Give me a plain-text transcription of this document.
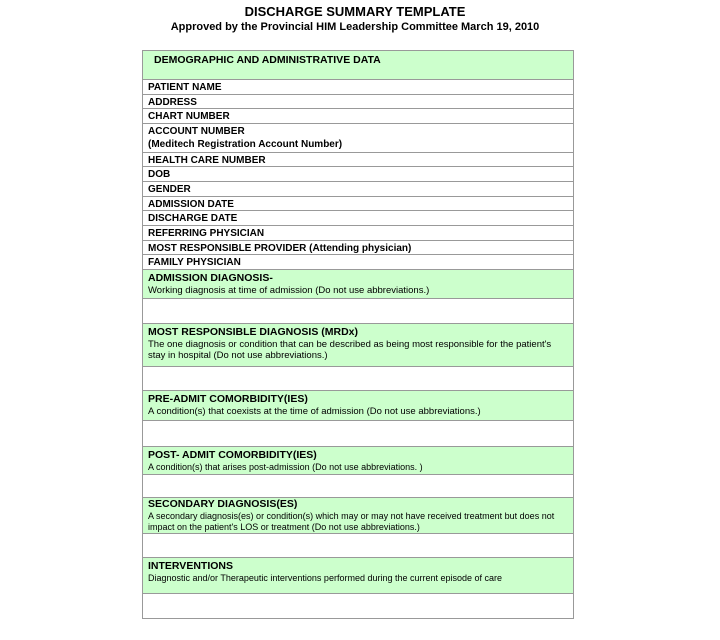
DISCHARGE SUMMARY TEMPLATE
Approved by the Provincial HIM Leadership Committee March 19, 2010
DEMOGRAPHIC AND ADMINISTRATIVE DATA
PATIENT NAME
ADDRESS
CHART NUMBER
ACCOUNT NUMBER
(Meditech Registration Account Number)
HEALTH CARE NUMBER
DOB
GENDER
ADMISSION DATE
DISCHARGE DATE
REFERRING PHYSICIAN
MOST RESPONSIBLE PROVIDER (Attending physician)
FAMILY PHYSICIAN
ADMISSION DIAGNOSIS-
Working diagnosis at time of admission (Do not use abbreviations.)
MOST RESPONSIBLE DIAGNOSIS (MRDx)
The one diagnosis or condition that can be described as being most responsible for the patient's stay in hospital (Do not use abbreviations.)
PRE-ADMIT COMORBIDITY(IES)
A condition(s) that coexists at the time of admission (Do not use abbreviations.)
POST- ADMIT COMORBIDITY(IES)
A condition(s) that arises post-admission (Do not use abbreviations. )
SECONDARY DIAGNOSIS(ES)
A secondary diagnosis(es) or condition(s) which may or may not have received treatment but does not impact on the patient's LOS or treatment (Do not use abbreviations.)
INTERVENTIONS
Diagnostic and/or Therapeutic interventions performed during the current episode of care
